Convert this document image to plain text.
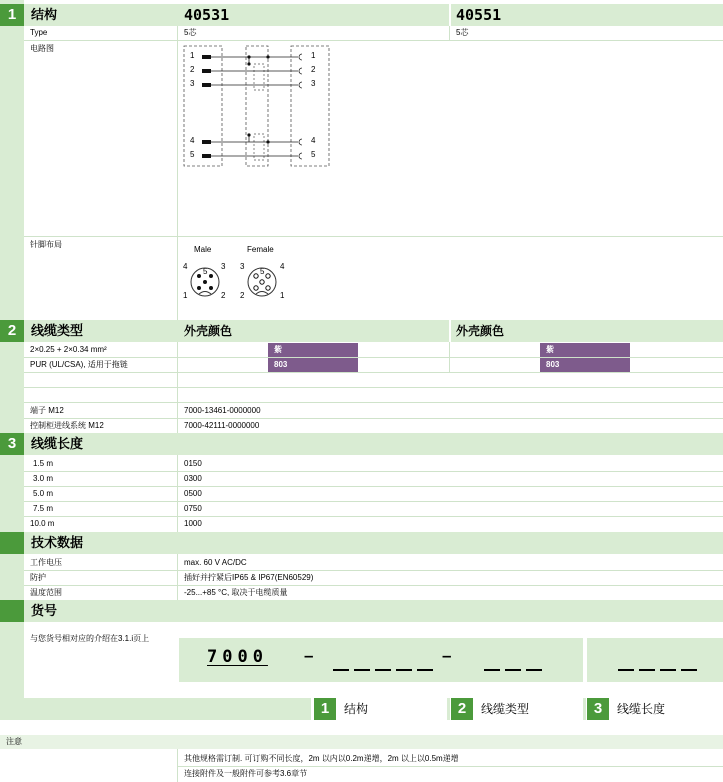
1	结构	40531	40551
Type	5芯	5芯
电路图
1
2
3
4
5
1
2
3
4
5
针脚布局
Male	Female
4
5
3
1	2
3
5
4
2	1
2	线缆类型	外壳颜色	外壳颜色
2×0.25 + 2×0.34 mm²	紫	紫
PUR (UL/CSA), 适用于拖链	803	803
端子 M12	7000-13461-0000000
控制柜进线系统 M12	7000-42111-0000000
3	线缆长度
1.5 m	0150
3.0 m	0300
5.0 m	0500
7.5 m	0750
10.0 m	1000
技术数据
工作电压	max. 60 V AC/DC
防护	插好并拧紧后IP65 & IP67(EN60529)
温度范围	-25...+85 °C, 取决于电缆质量
货号
与您货号相对应的介绍在3.1.i页上
7000 –	–
1	结构	2	线缆类型	3	线缆长度
注意
其他规格需订制. 可订购不同长度，2m 以内以0.2m递增，2m 以上以0.5m递增
连接附件及一般附件可参考3.6章节
